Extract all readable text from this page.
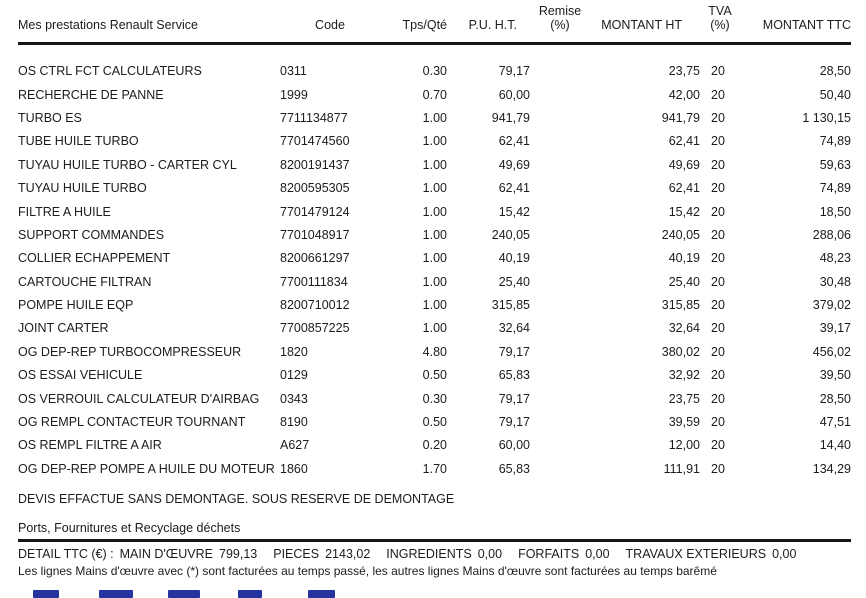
Mes prestations Renault Service	Code	Tps/Qté	P.U. H.T.	Remise
(%)	MONTANT HT	TVA
(%)	MONTANT TTC

OS CTRL FCT CALCULATEURS	0311	0.30	79,17		23,75	20	28,50
RECHERCHE DE PANNE	1999	0.70	60,00		42,00	20	50,40
TURBO ES	7711134877	1.00	941,79		941,79	20	1 130,15
TUBE HUILE TURBO	7701474560	1.00	62,41		62,41	20	74,89
TUYAU HUILE TURBO - CARTER CYL	8200191437	1.00	49,69		49,69	20	59,63
TUYAU HUILE TURBO	8200595305	1.00	62,41		62,41	20	74,89
FILTRE A HUILE	7701479124	1.00	15,42		15,42	20	18,50
SUPPORT COMMANDES	7701048917	1.00	240,05		240,05	20	288,06
COLLIER ECHAPPEMENT	8200661297	1.00	40,19		40,19	20	48,23
CARTOUCHE FILTRAN	7700111834	1.00	25,40		25,40	20	30,48
POMPE HUILE EQP	8200710012	1.00	315,85		315,85	20	379,02
JOINT CARTER	7700857225	1.00	32,64		32,64	20	39,17
OG DEP-REP TURBOCOMPRESSEUR	1820	4.80	79,17		380,02	20	456,02
OS ESSAI VEHICULE	0129	0.50	65,83		32,92	20	39,50
OS VERROUIL CALCULATEUR D'AIRBAG	0343	0.30	79,17		23,75	20	28,50
OG REMPL CONTACTEUR TOURNANT	8190	0.50	79,17		39,59	20	47,51
OS REMPL FILTRE A AIR	A627	0.20	60,00		12,00	20	14,40
OG DEP-REP POMPE A HUILE DU MOTEUR	1860	1.70	65,83		111,91	20	134,29
DEVIS EFFACTUE SANS DEMONTAGE. SOUS RESERVE DE DEMONTAGE							
Ports, Fournitures et Recyclage déchets							
DETAIL TTC (€) : MAIN D'ŒUVRE 799,13 PIECES 2143,02 INGREDIENTS 0,00 FORFAITS 0,00 TRAVAUX EXTERIEURS 0,00
Les lignes Mains d'œuvre avec (*) sont facturées au temps passé, les autres lignes Mains d'œuvre sont facturées au temps barêmé
